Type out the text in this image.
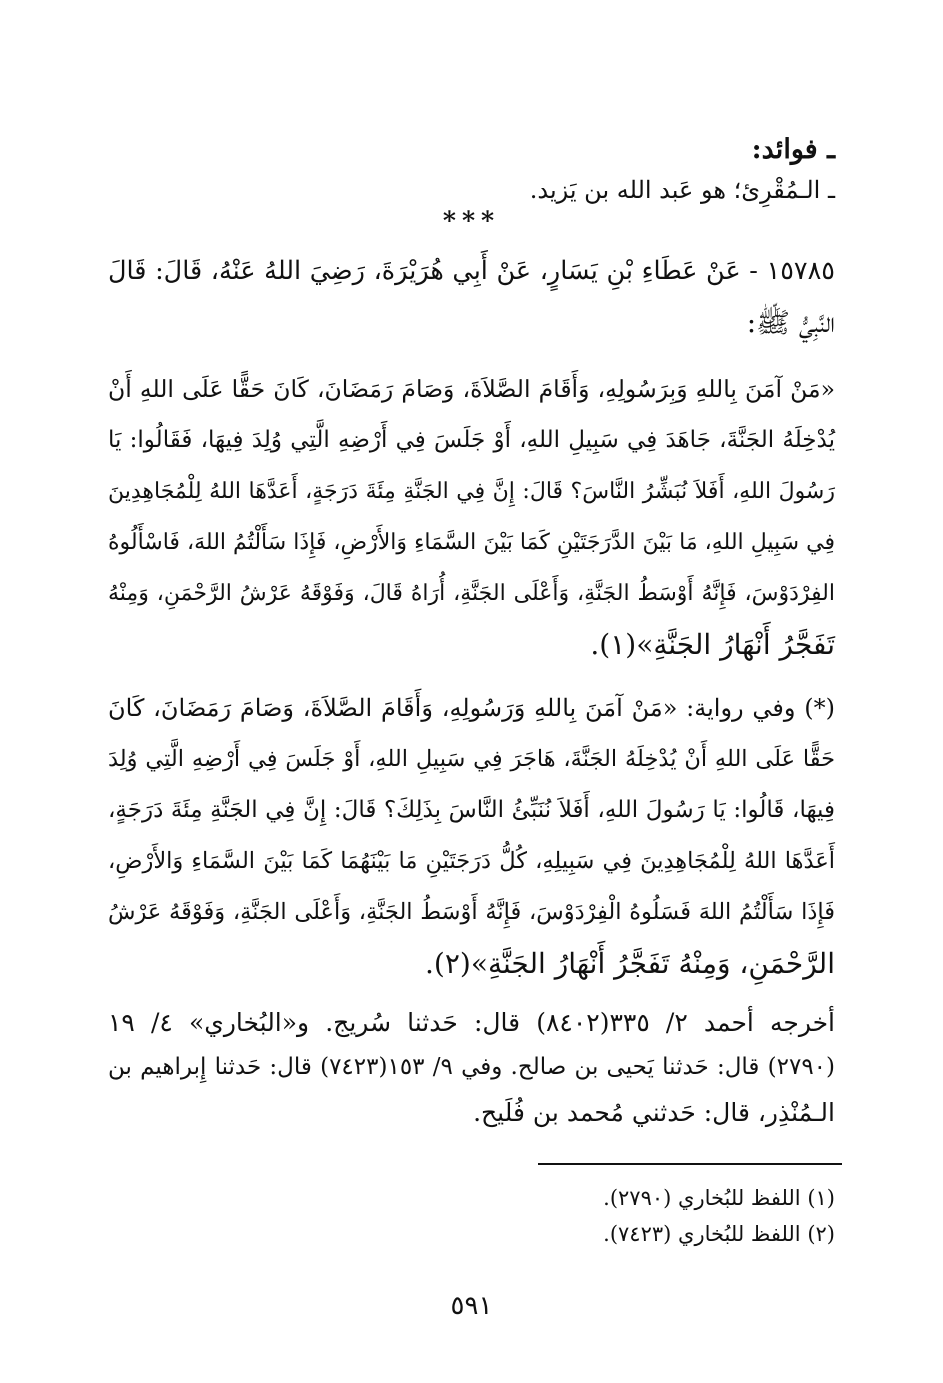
ـ فوائد:
ـ الـمُقْرِئ؛ هو عَبد الله بن يَزيد.
***
١٥٧٨٥ - عَنْ عَطَاءِ بْنِ يَسَارٍ، عَنْ أَبِي هُرَيْرَةَ، رَضِيَ اللهُ عَنْهُ، قَالَ: قَالَ
النَّبِيُّ ﷺ:
«مَنْ آمَنَ بِاللهِ وَبِرَسُولِهِ، وَأَقَامَ الصَّلاَةَ، وَصَامَ رَمَضَانَ، كَانَ حَقًّا عَلَى اللهِ أَنْ
يُدْخِلَهُ الجَنَّةَ، جَاهَدَ فِي سَبِيلِ اللهِ، أَوْ جَلَسَ فِي أَرْضِهِ الَّتِي وُلِدَ فِيهَا، فَقَالُوا: يَا
رَسُولَ اللهِ، أَفَلاَ نُبَشِّرُ النَّاسَ؟ قَالَ: إِنَّ فِي الجَنَّةِ مِئَةَ دَرَجَةٍ، أَعَدَّهَا اللهُ لِلْمُجَاهِدِينَ
فِي سَبِيلِ اللهِ، مَا بَيْنَ الدَّرَجَتَيْنِ كَمَا بَيْنَ السَّمَاءِ وَالأَرْضِ، فَإِذَا سَأَلْتُمُ اللهَ، فَاسْأَلُوهُ
الفِرْدَوْسَ، فَإِنَّهُ أَوْسَطُ الجَنَّةِ، وَأَعْلَى الجَنَّةِ، أُرَاهُ قَالَ، وَفَوْقَهُ عَرْشُ الرَّحْمَنِ، وَمِنْهُ
تَفَجَّرُ أَنْهَارُ الجَنَّةِ»(١).
(*) وفي رواية: «مَنْ آمَنَ بِاللهِ وَرَسُولِهِ، وَأَقَامَ الصَّلاَةَ، وَصَامَ رَمَضَانَ، كَانَ
حَقًّا عَلَى اللهِ أَنْ يُدْخِلَهُ الجَنَّةَ، هَاجَرَ فِي سَبِيلِ اللهِ، أَوْ جَلَسَ فِي أَرْضِهِ الَّتِي وُلِدَ
فِيهَا، قَالُوا: يَا رَسُولَ اللهِ، أَفَلاَ نُنَبِّئُ النَّاسَ بِذَلِكَ؟ قَالَ: إِنَّ فِي الجَنَّةِ مِئَةَ دَرَجَةٍ،
أَعَدَّهَا اللهُ لِلْمُجَاهِدِينَ فِي سَبِيلِهِ، كُلُّ دَرَجَتَيْنِ مَا بَيْنَهُمَا كَمَا بَيْنَ السَّمَاءِ وَالأَرْضِ،
فَإِذَا سَأَلْتُمُ اللهَ فَسَلُوهُ الْفِرْدَوْسَ، فَإِنَّهُ أَوْسَطُ الجَنَّةِ، وَأَعْلَى الجَنَّةِ، وَفَوْقَهُ عَرْشُ
الرَّحْمَنِ، وَمِنْهُ تَفَجَّرُ أَنْهَارُ الجَنَّةِ»(٢).
أخرجه أحمد ٢/ ٣٣٥(٨٤٠٢) قال: حَدثنا سُريج. و«البُخاري» ٤/ ١٩
(٢٧٩٠) قال: حَدثنا يَحيى بن صالح. وفي ٩/ ١٥٣(٧٤٢٣) قال: حَدثنا إِبراهيم بن
الـمُنْذِر، قال: حَدثني مُحمد بن فُلَيح.
(١) اللفظ للبُخاري (٢٧٩٠).
(٢) اللفظ للبُخاري (٧٤٢٣).
٥٩١
